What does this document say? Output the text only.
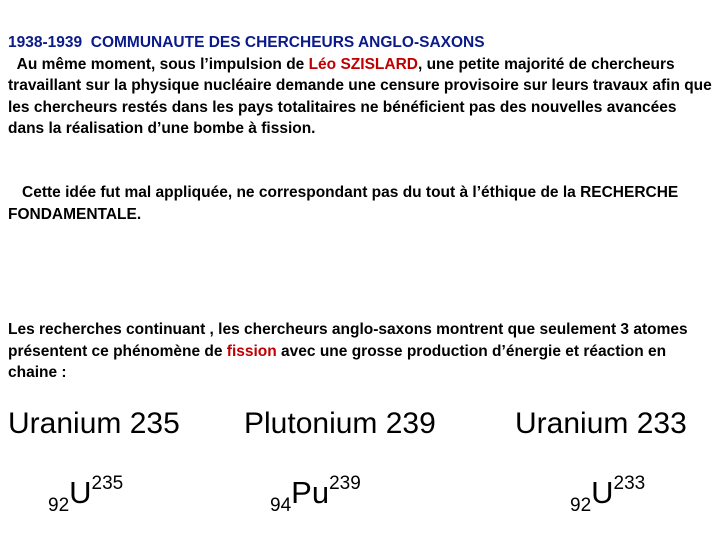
1938-1939 COMMUNAUTE DES CHERCHEURS ANGLO-SAXONS
Au même moment, sous l’impulsion de Léo SZISLARD, une petite majorité de chercheurs travaillant sur la physique nucléaire demande une censure provisoire sur leurs travaux afin que les chercheurs restés dans les pays totalitaires ne bénéficient pas des nouvelles avancées dans la réalisation d’une bombe à fission.

Cette idée fut mal appliquée, ne correspondant pas du tout à l’éthique de la RECHERCHE FONDAMENTALE.

Les recherches continuant , les chercheurs anglo-saxons montrent que seulement 3 atomes présentent ce phénomène de fission avec une grosse production d’énergie et réaction en chaine :

Uranium 235 Plutonium 239	Uranium 233
$_{92}U^{235}$
$_{94}Pu^{239}$
$_{92}U^{233}$
